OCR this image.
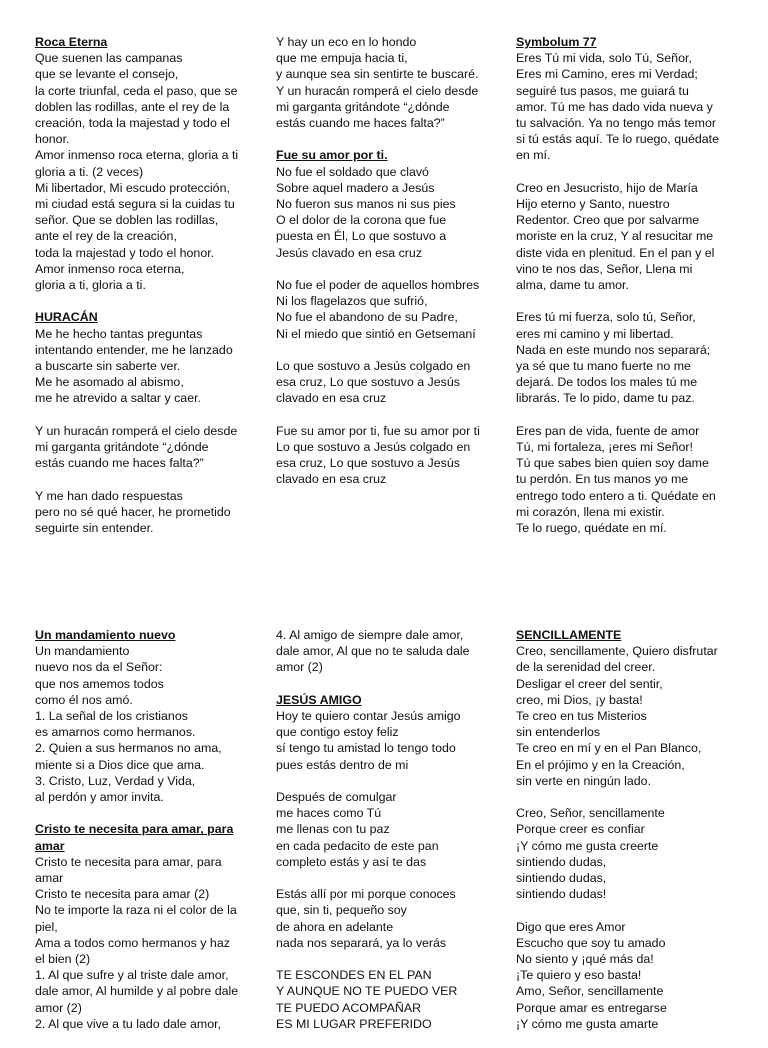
Roca Eterna
Que suenen las campanas
que se levante el consejo,
la corte triunfal, ceda el paso, que se
doblen las rodillas, ante el rey de la
creación, toda la majestad y todo el
honor.
Amor inmenso roca eterna, gloria a ti
gloria a ti. (2 veces)
Mi libertador, Mi escudo protección,
mi ciudad está segura si la cuidas tu
señor. Que se doblen las rodillas,
ante el rey de la creación,
toda la majestad y todo el honor.
Amor inmenso roca eterna,
gloria a ti, gloria a ti.
HURACÁN
Me he hecho tantas preguntas
intentando entender, me he lanzado
a buscarte sin saberte ver.
Me he asomado al abismo,
me he atrevido a saltar y caer.
Y un huracán romperá el cielo desde
mi garganta gritándote “¿dónde
estás cuando me haces falta?”
Y me han dado respuestas
pero no sé qué hacer, he prometido
seguirte sin entender.
Y hay un eco en lo hondo
que me empuja hacia ti,
y aunque sea sin sentirte te buscaré.
Y un huracán romperá el cielo desde
mi garganta gritándote “¿dónde
estás cuando me haces falta?”
Fue su amor por ti.
No fue el soldado que clavó
Sobre aquel madero a Jesús
No fueron sus manos ni sus pies
O el dolor de la corona que fue
puesta en Él, Lo que sostuvo a
Jesús clavado en esa cruz
No fue el poder de aquellos hombres
Ni los flagelazos que sufrió,
No fue el abandono de su Padre,
Ni el miedo que sintió en Getsemaní
Lo que sostuvo a Jesús colgado en
esa cruz, Lo que sostuvo a Jesús
clavado en esa cruz
Fue su amor por ti, fue su amor por ti
Lo que sostuvo a Jesús colgado en
esa cruz, Lo que sostuvo a Jesús
clavado en esa cruz
Symbolum 77
Eres Tú mi vida, solo Tú, Señor,
Eres mi Camino, eres mi Verdad;
seguiré tus pasos, me guiará tu
amor. Tú me has dado vida nueva y
tu salvación. Ya no tengo más temor
si tú estás aquí. Te lo ruego, quédate
en mí.
Creo en Jesucristo, hijo de María
Hijo eterno y Santo, nuestro
Redentor. Creo que por salvarme
moriste en la cruz, Y al resucitar me
diste vida en plenitud. En el pan y el
vino te nos das, Señor, Llena mi
alma, dame tu amor.
Eres tú mi fuerza, solo tú, Señor,
eres mi camino y mi libertad.
Nada en este mundo nos separará;
ya sé que tu mano fuerte no me
dejará. De todos los males tú me
librarás. Te lo pido, dame tu paz.
Eres pan de vida, fuente de amor
Tú, mi fortaleza, ¡eres mi Señor!
Tú que sabes bien quien soy dame
tu perdón. En tus manos yo me
entrego todo entero a ti. Quédate en
mi corazón, llena mi existir.
Te lo ruego, quédate en mí.
Un mandamiento nuevo
Un mandamiento
nuevo nos da el Señor:
que nos amemos todos
como él nos amó.
1. La señal de los cristianos
es amarnos como hermanos.
2. Quien a sus hermanos no ama,
miente si a Dios dice que ama.
3. Cristo, Luz, Verdad y Vida,
al perdón y amor invita.
Cristo te necesita para amar, para amar
Cristo te necesita para amar, para
amar
Cristo te necesita para amar (2)
No te importe la raza ni el color de la
piel,
Ama a todos como hermanos y haz
el bien (2)
1. Al que sufre y al triste dale amor,
dale amor, Al humilde y al pobre dale
amor (2)
2. Al que vive a tu lado dale amor,
4. Al amigo de siempre dale amor,
dale amor, Al que no te saluda dale
amor (2)
JESÚS AMIGO
Hoy te quiero contar Jesús amigo
que contigo estoy feliz
sí tengo tu amistad lo tengo todo
pues estás dentro de mi
Después de comulgar
me haces como Tú
me llenas con tu paz
en cada pedacito de este pan
completo estás y así te das
Estás allí por mi porque conoces
que, sin ti, pequeño soy
de ahora en adelante
nada nos separará, ya lo verás
TE ESCONDES EN EL PAN
Y AUNQUE NO TE PUEDO VER
TE PUEDO ACOMPAÑAR
ES MI LUGAR PREFERIDO
SENCILLAMENTE
Creo, sencillamente, Quiero disfrutar
de la serenidad del creer.
Desligar el creer del sentir,
creo, mi Dios, ¡y basta!
Te creo en tus Misterios
sin entenderlos
Te creo en mí y en el Pan Blanco,
En el prójimo y en la Creación,
sin verte en ningún lado.
Creo, Señor, sencillamente
Porque creer es confiar
¡Y cómo me gusta creerte
sintiendo dudas,
sintiendo dudas,
sintiendo dudas!
Digo que eres Amor
Escucho que soy tu amado
No siento y ¡qué más da!
¡Te quiero y eso basta!
Amo, Señor, sencillamente
Porque amar es entregarse
¡Y cómo me gusta amarte
